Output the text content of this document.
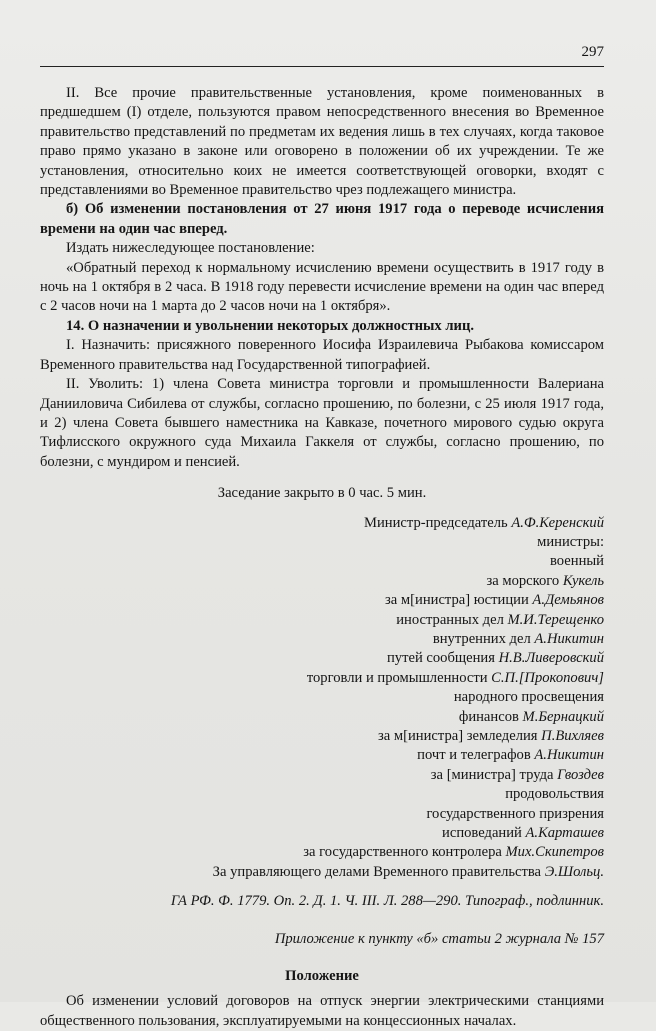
297

II. Все прочие правительственные установления, кроме поименованных в предшедшем (I) отделе, пользуются правом непосредственного внесения во Временное правительство представлений по предметам их ведения лишь в тех случаях, когда таковое право прямо указано в законе или оговорено в положении об их учреждении. Те же установления, относительно коих не имеется соответствующей оговорки, входят с представлениями во Временное правительство чрез подлежащего министра.

б) Об изменении постановления от 27 июня 1917 года о переводе исчисления времени на один час вперед.

Издать нижеследующее постановление:

«Обратный переход к нормальному исчислению времени осуществить в 1917 году в ночь на 1 октября в 2 часа. В 1918 году перевести исчисление времени на один час вперед с 2 часов ночи на 1 марта до 2 часов ночи на 1 октября».

14. О назначении и увольнении некоторых должностных лиц.

I. Назначить: присяжного поверенного Иосифа Израилевича Рыбакова комиссаром Временного правительства над Государственной типографией.

II. Уволить: 1) члена Совета министра торговли и промышленности Валериана Данииловича Сибилева от службы, согласно прошению, по болезни, с 25 июля 1917 года, и 2) члена Совета бывшего наместника на Кавказе, почетного мирового судью округа Тифлисского окружного суда Михаила Гаккеля от службы, согласно прошению, по болезни, с мундиром и пенсией.

Заседание закрыто в 0 час. 5 мин.

Министр-председатель А.Ф.Керенский

министры:

военный

за морского Кукель

за м[инистра] юстиции А.Демьянов

иностранных дел М.И.Терещенко

внутренних дел А.Никитин

путей сообщения Н.В.Ливеровский

торговли и промышленности С.П.[Прокопович]

народного просвещения

финансов М.Бернацкий

за м[инистра] земледелия П.Вихляев

почт и телеграфов А.Никитин

за [министра] труда Гвоздев

продовольствия

государственного призрения

исповеданий А.Карташев

за государственного контролера Мих.Скипетров

За управляющего делами Временного правительства Э.Шольц.

ГА РФ. Ф. 1779. Оп. 2. Д. 1. Ч. III. Л. 288—290. Типограф., подлинник.

Приложение к пункту «б» статьи 2 журнала № 157

Положение

Об изменении условий договоров на отпуск энергии электрическими станциями общественного пользования, эксплуатируемыми на концессионных началах.
